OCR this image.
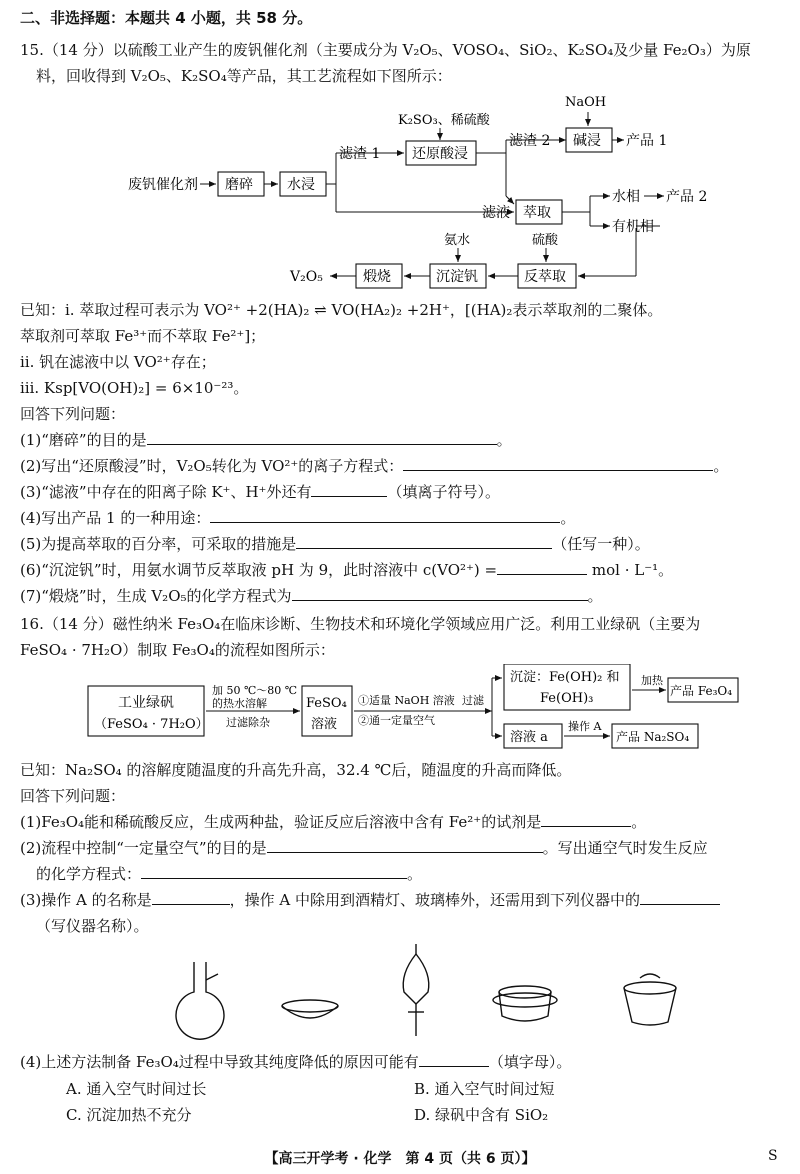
二、非选择题：本题共 4 小题，共 58 分。
15.（14 分）以硫酸工业产生的废钒催化剂（主要成分为 V₂O₅、VOSO₄、SiO₂、K₂SO₄及少量 Fe₂O₃）为原
料，回收得到 V₂O₅、K₂SO₄等产品，其工艺流程如下图所示：
废钒催化剂 磨碎 水浸
滤渣 1
K₂SO₃、稀硫酸
还原酸浸
滤渣 2
滤液
NaOH
碱浸 产品 1
萃取
水相 产品 2
有机相
反萃取
硫酸
沉淀钒
氨水
煅烧
V₂O₅
已知：ⅰ. 萃取过程可表示为 VO²⁺ +2(HA)₂ ⇌ VO(HA₂)₂ +2H⁺，[(HA)₂表示萃取剂的二聚体。
萃取剂可萃取 Fe³⁺而不萃取 Fe²⁺]；
ⅱ. 钒在滤液中以 VO²⁺存在；
ⅲ. Ksp[VO(OH)₂] = 6×10⁻²³。
回答下列问题：
(1)“磨碎”的目的是	。
(2)写出“还原酸浸”时，V₂O₅转化为 VO²⁺的离子方程式：	。
(3)“滤液”中存在的阳离子除 K⁺、H⁺外还有	（填离子符号）。
(4)写出产品 1 的一种用途：	。
(5)为提高萃取的百分率，可采取的措施是	（任写一种）。
(6)“沉淀钒”时，用氨水调节反萃取液 pH 为 9，此时溶液中 c(VO²⁺) =	mol · L⁻¹。
(7)“煅烧”时，生成 V₂O₅的化学方程式为	。
16.（14 分）磁性纳米 Fe₃O₄在临床诊断、生物技术和环境化学领域应用广泛。利用工业绿矾（主要为
FeSO₄ · 7H₂O）制取 Fe₃O₄的流程如图所示：
工业绿矾
（FeSO₄ · 7H₂O）
加 50 ℃～80 ℃
的热水溶解
过滤除杂
FeSO₄
溶液
①适量 NaOH 溶液
②通一定量空气
过滤
沉淀：Fe(OH)₂ 和
Fe(OH)₃
加热
产品 Fe₃O₄
溶液 a
操作 A
产品 Na₂SO₄
已知：Na₂SO₄ 的溶解度随温度的升高先升高，32.4 ℃后，随温度的升高而降低。
回答下列问题：
(1)Fe₃O₄能和稀硫酸反应，生成两种盐，验证反应后溶液中含有 Fe²⁺的试剂是	。
(2)流程中控制“一定量空气”的目的是	。写出通空气时发生反应
的化学方程式：	。
(3)操作 A 的名称是	，操作 A 中除用到酒精灯、玻璃棒外，还需用到下列仪器中的
（写仪器名称）。
(4)上述方法制备 Fe₃O₄过程中导致其纯度降低的原因可能有	（填字母）。
A. 通入空气时间过长	B. 通入空气时间过短
C. 沉淀加热不充分	D. 绿矾中含有 SiO₂
【高三开学考 · 化学　第 4 页（共 6 页）】	S
